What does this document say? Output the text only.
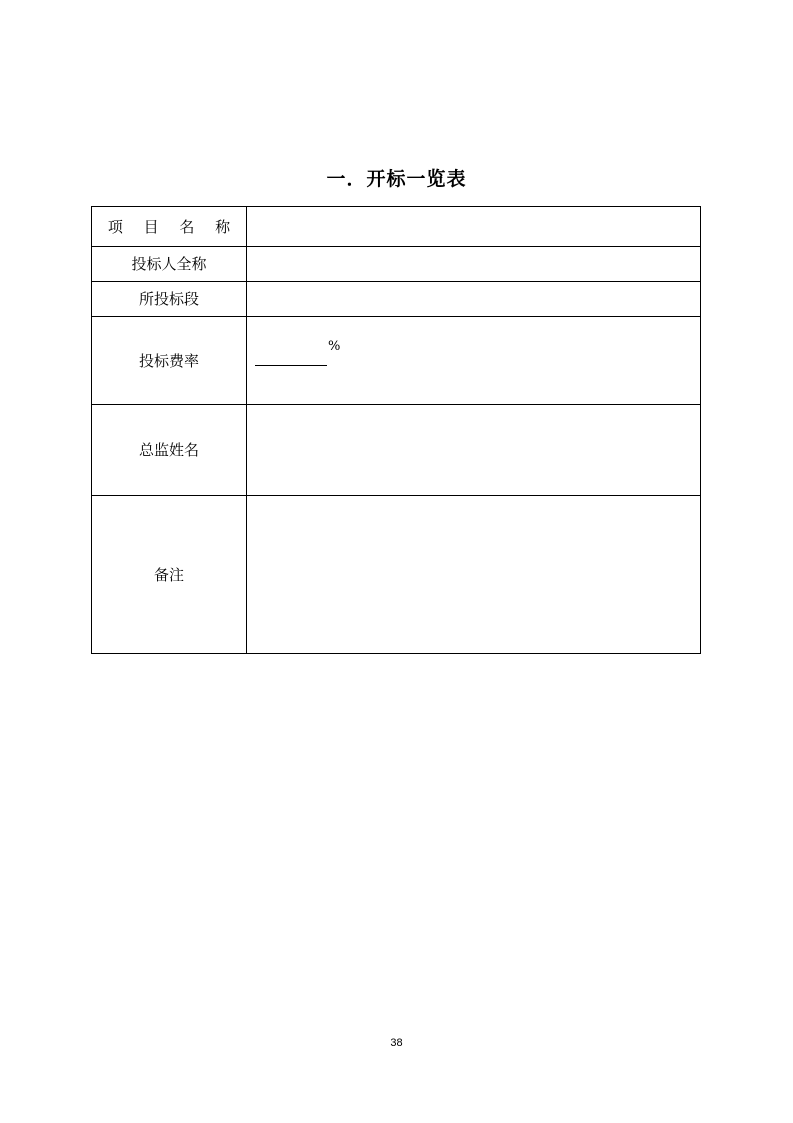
一．开标一览表
项 目 名 称	
投标人全称	
所投标段	
投标费率	%

总监姓名	
备注	
38
